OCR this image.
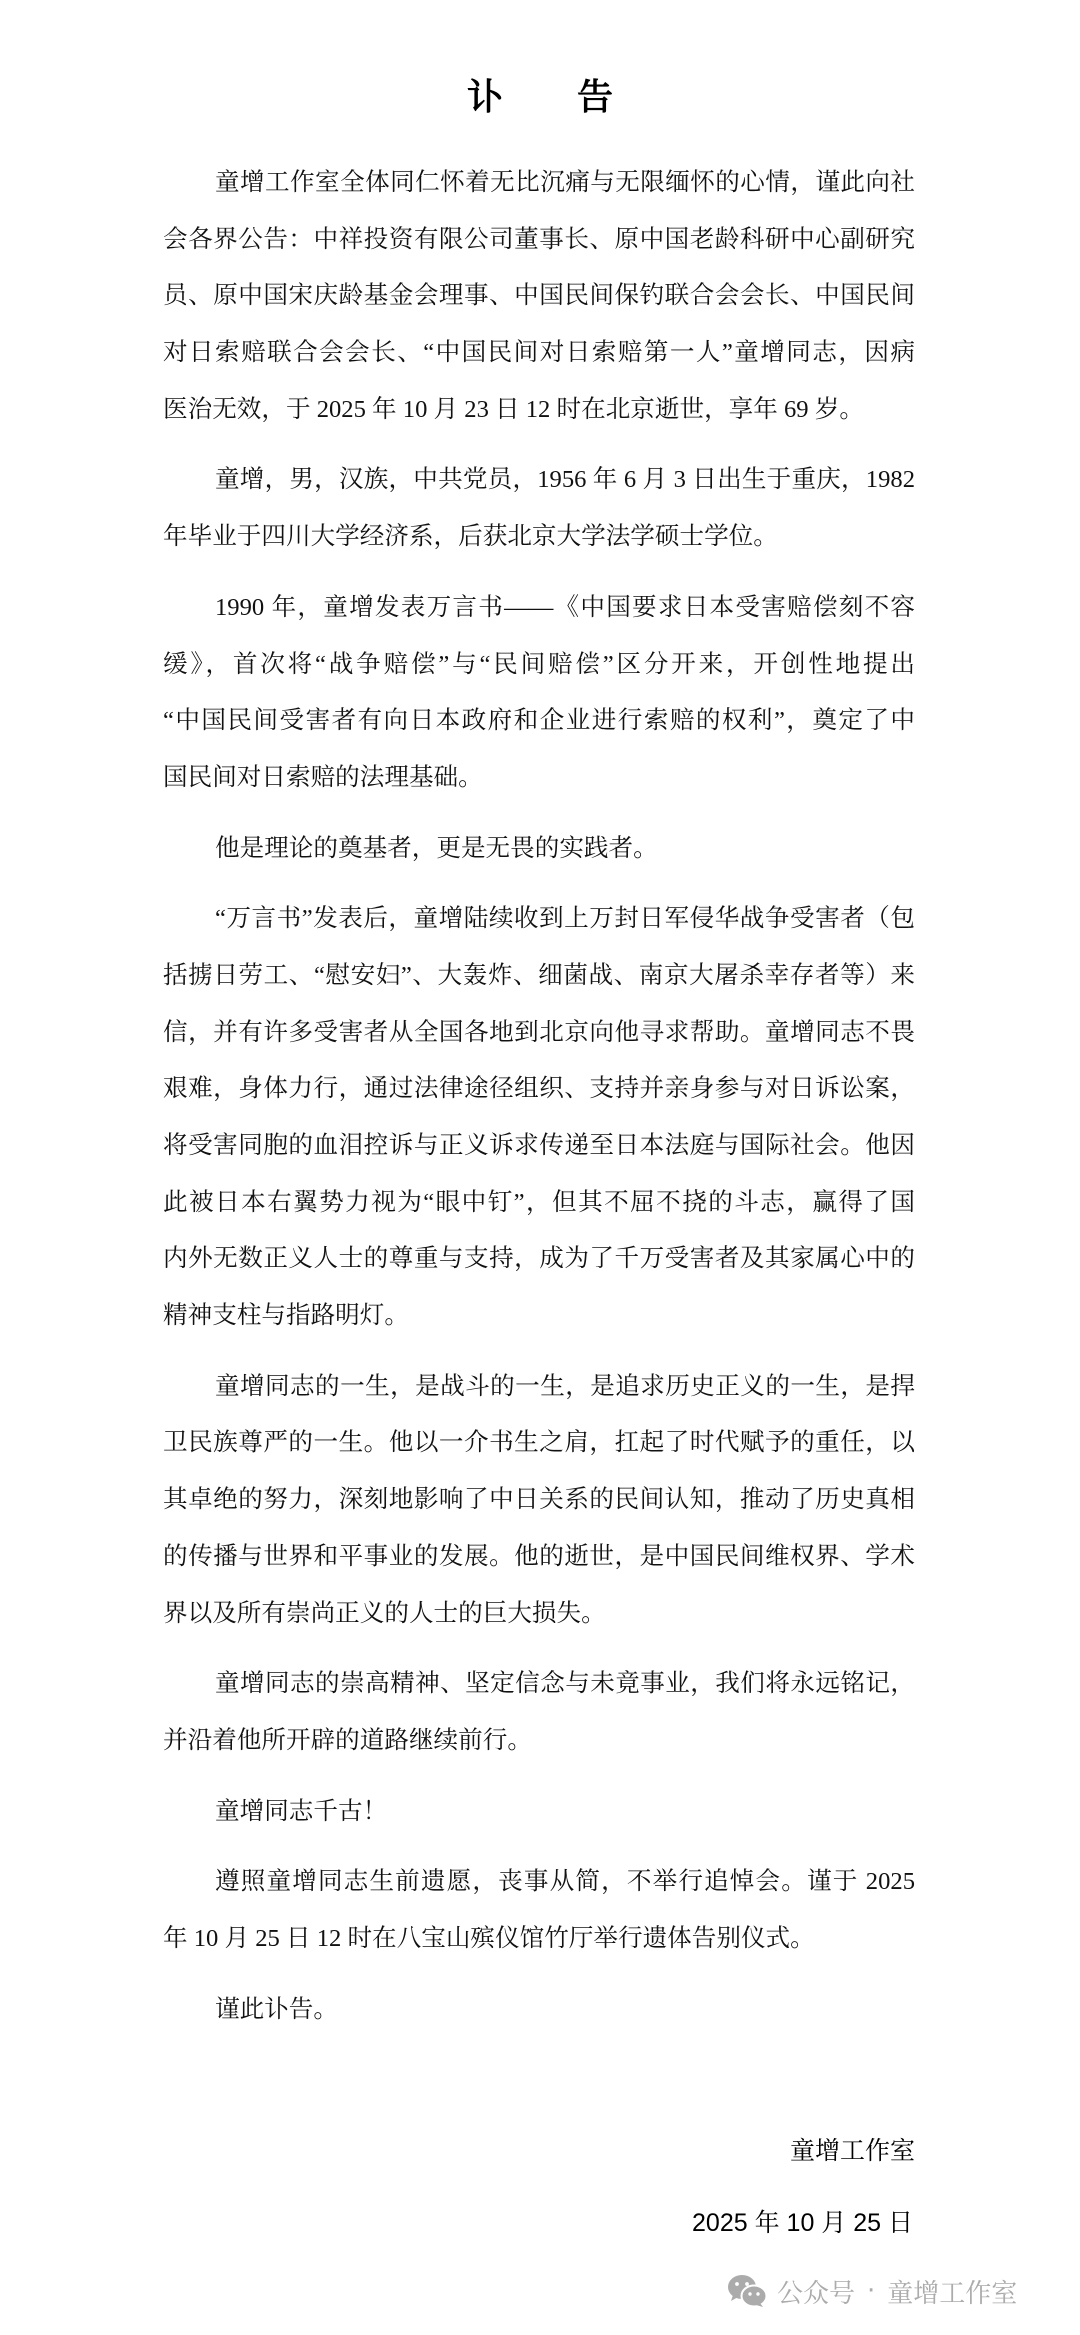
讣告
童增工作室全体同仁怀着无比沉痛与无限缅怀的心情，谨此向社
会各界公告：中祥投资有限公司董事长、原中国老龄科研中心副研究
员、原中国宋庆龄基金会理事、中国民间保钓联合会会长、中国民间
对日索赔联合会会长、“中国民间对日索赔第一人”童增同志，因病
医治无效，于 2025 年 10 月 23 日 12 时在北京逝世，享年 69 岁。
童增，男，汉族，中共党员，1956 年 6 月 3 日出生于重庆，1982
年毕业于四川大学经济系，后获北京大学法学硕士学位。
1990 年，童增发表万言书——《中国要求日本受害赔偿刻不容
缓》，首次将“战争赔偿”与“民间赔偿”区分开来，开创性地提出
“中国民间受害者有向日本政府和企业进行索赔的权利”，奠定了中
国民间对日索赔的法理基础。
他是理论的奠基者，更是无畏的实践者。
“万言书”发表后，童增陆续收到上万封日军侵华战争受害者（包
括掳日劳工、“慰安妇”、大轰炸、细菌战、南京大屠杀幸存者等）来
信，并有许多受害者从全国各地到北京向他寻求帮助。童增同志不畏
艰难，身体力行，通过法律途径组织、支持并亲身参与对日诉讼案，
将受害同胞的血泪控诉与正义诉求传递至日本法庭与国际社会。他因
此被日本右翼势力视为“眼中钉”，但其不屈不挠的斗志，赢得了国
内外无数正义人士的尊重与支持，成为了千万受害者及其家属心中的
精神支柱与指路明灯。
童增同志的一生，是战斗的一生，是追求历史正义的一生，是捍
卫民族尊严的一生。他以一介书生之肩，扛起了时代赋予的重任，以
其卓绝的努力，深刻地影响了中日关系的民间认知，推动了历史真相
的传播与世界和平事业的发展。他的逝世，是中国民间维权界、学术
界以及所有崇尚正义的人士的巨大损失。
童增同志的崇高精神、坚定信念与未竟事业，我们将永远铭记，
并沿着他所开辟的道路继续前行。
童增同志千古！
遵照童增同志生前遗愿，丧事从简，不举行追悼会。谨于 2025
年 10 月 25 日 12 时在八宝山殡仪馆竹厅举行遗体告别仪式。
谨此讣告。
童增工作室
2025 年 10 月 25 日
公众号 · 童增工作室
